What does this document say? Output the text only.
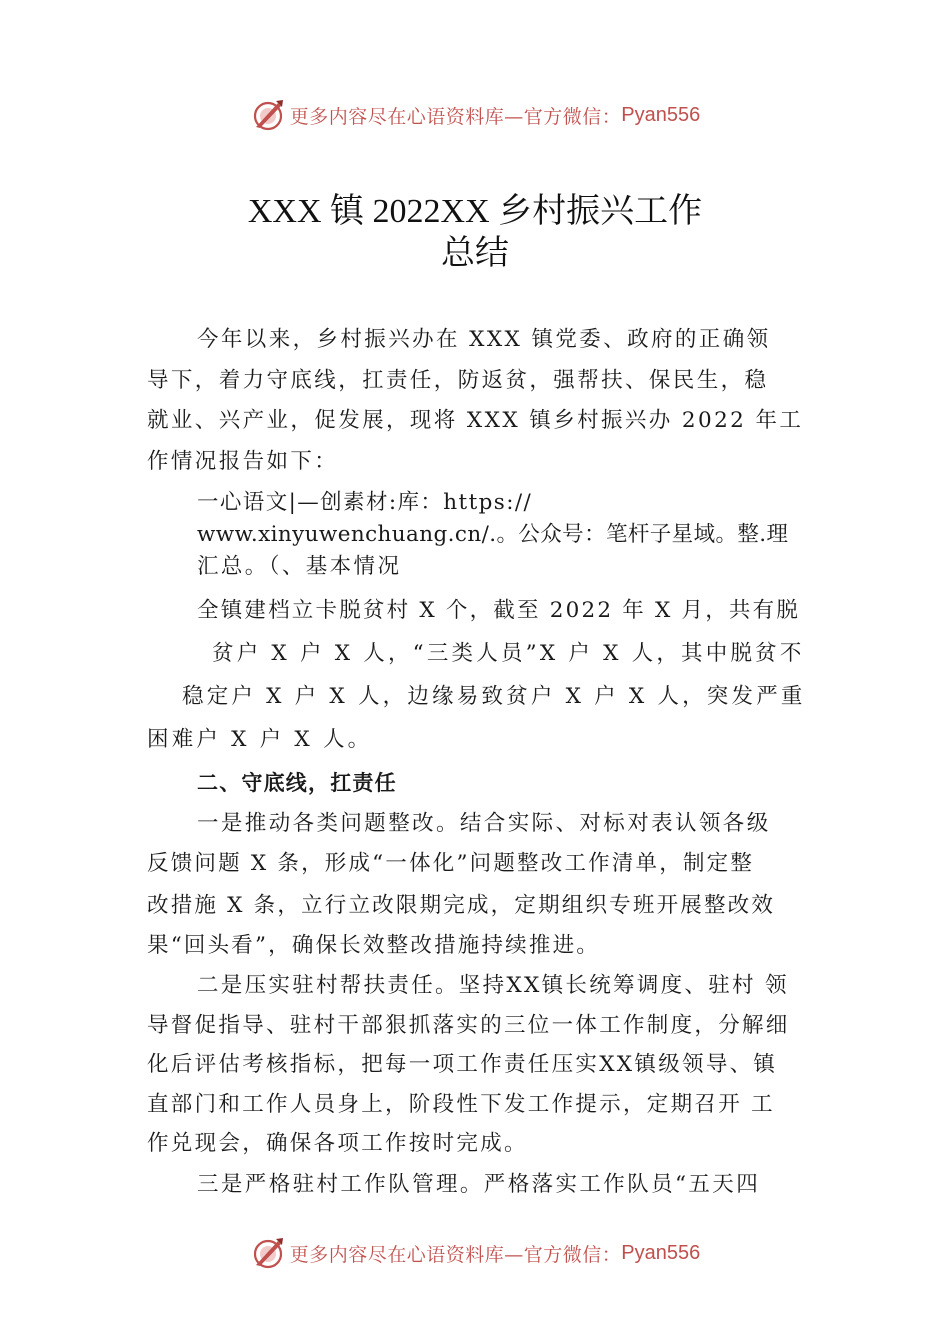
更多内容尽在心语资料库—官方微信： Pyan556
XXX 镇 2022XX 乡村振兴工作
总结
今年以来，乡村振兴办在 XXX 镇党委、政府的正确领
导下，着力守底线，扛责任，防返贫，强帮扶、保民生，稳
就业、兴产业，促发展，现将 XXX 镇乡村振兴办 2022 年工
作情况报告如下：
一心语文|—创素材:库：https://
www.xinyuwenchuang.cn/.。公众号：笔杆子星域。整.理
汇总。（、基本情况
全镇建档立卡脱贫村 X 个，截至 2022 年 X 月，共有脱
贫户 X 户 X 人，“三类人员”X 户 X 人，其中脱贫不
稳定户 X 户 X 人，边缘易致贫户 X 户 X 人，突发严重
困难户 X 户 X 人。
二、守底线，扛责任
一是推动各类问题整改。结合实际、对标对表认领各级
反馈问题 X 条，形成“一体化”问题整改工作清单，制定整
改措施 X 条，立行立改限期完成，定期组织专班开展整改效
果“回头看”，确保长效整改措施持续推进。
二是压实驻村帮扶责任。坚持XX镇长统筹调度、驻村 领
导督促指导、驻村干部狠抓落实的三位一体工作制度，分解细
化后评估考核指标，把每一项工作责任压实XX镇级领导、镇
直部门和工作人员身上，阶段性下发工作提示，定期召开 工
作兑现会，确保各项工作按时完成。
三是严格驻村工作队管理。严格落实工作队员“五天四
更多内容尽在心语资料库—官方微信： Pyan556
